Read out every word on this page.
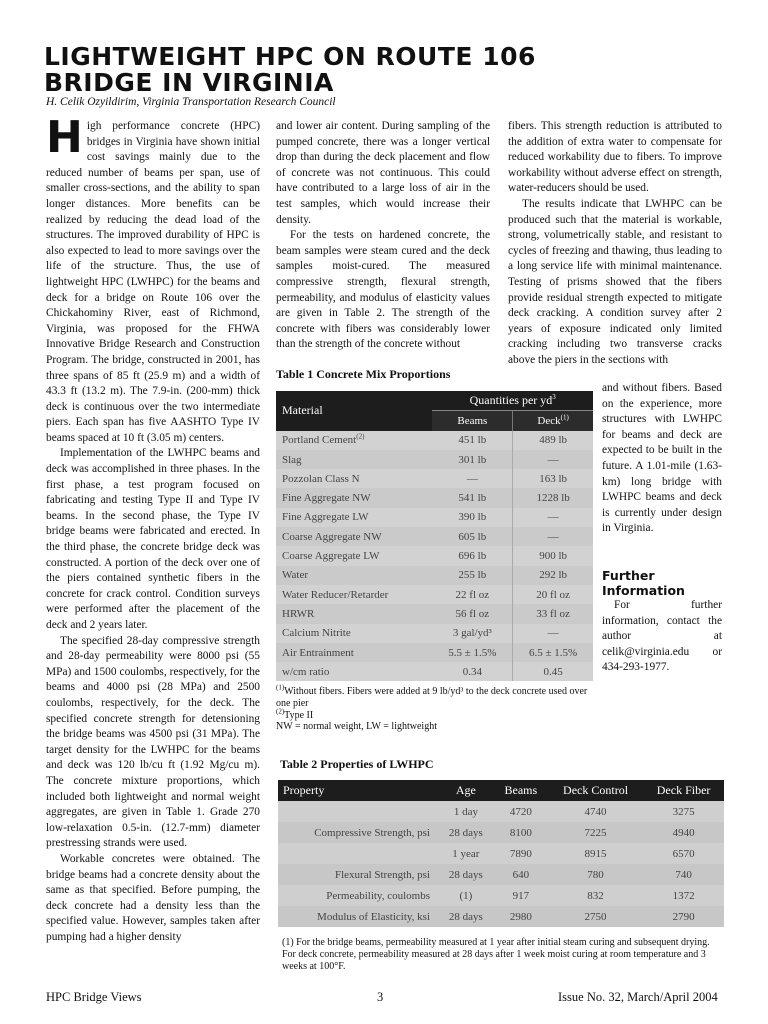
LIGHTWEIGHT HPC ON ROUTE 106
BRIDGE IN VIRGINIA

H. Celik Ozyildirim, Virginia Transportation Research Council

High performance concrete (HPC) bridges in Virginia have shown initial cost savings mainly due to the reduced number of beams per span, use of smaller cross-sections, and the ability to span longer distances. More benefits can be realized by reducing the dead load of the structures. The improved durability of HPC is also expected to lead to more savings over the life of the structure. Thus, the use of lightweight HPC (LWHPC) for the beams and deck for a bridge on Route 106 over the Chickahominy River, east of Richmond, Virginia, was proposed for the FHWA Innovative Bridge Research and Construction Program. The bridge, constructed in 2001, has three spans of 85 ft (25.9 m) and a width of 43.3 ft (13.2 m). The 7.9-in. (200-mm) thick deck is continuous over the two intermediate piers. Each span has five AASHTO Type IV beams spaced at 10 ft (3.05 m) centers.

Implementation of the LWHPC beams and deck was accomplished in three phases. In the first phase, a test program focused on fabricating and testing Type II and Type IV beams. In the second phase, the Type IV bridge beams were fabricated and erected. In the third phase, the concrete bridge deck was constructed. A portion of the deck over one of the piers contained synthetic fibers in the concrete for crack control. Condition surveys were performed after the placement of the deck and 2 years later.

The specified 28-day compressive strength and 28-day permeability were 8000 psi (55 MPa) and 1500 coulombs, respectively, for the beams and 4000 psi (28 MPa) and 2500 coulombs, respectively, for the deck. The specified concrete strength for detensioning the bridge beams was 4500 psi (31 MPa). The target density for the LWHPC for the beams and deck was 120 lb/cu ft (1.92 Mg/cu m). The concrete mixture proportions, which included both lightweight and normal weight aggregates, are given in Table 1. Grade 270 low-relaxation 0.5-in. (12.7-mm) diameter prestressing strands were used.

Workable concretes were obtained. The bridge beams had a concrete density about the same as that specified. Before pumping, the deck concrete had a density less than the specified value. However, samples taken after pumping had a higher density

and lower air content. During sampling of the pumped concrete, there was a longer vertical drop than during the deck placement and flow of concrete was not continuous. This could have contributed to a large loss of air in the test samples, which would increase their density.

For the tests on hardened concrete, the beam samples were steam cured and the deck samples moist-cured. The measured compressive strength, flexural strength, permeability, and modulus of elasticity values are given in Table 2. The strength of the concrete with fibers was considerably lower than the strength of the concrete without

fibers. This strength reduction is attributed to the addition of extra water to compensate for reduced workability due to fibers. To improve workability without adverse effect on strength, water-reducers should be used.

The results indicate that LWHPC can be produced such that the material is workable, strong, volumetrically stable, and resistant to cycles of freezing and thawing, thus leading to a long service life with minimal maintenance. Testing of prisms showed that the fibers provide residual strength expected to mitigate deck cracking. A condition survey after 2 years of exposure indicated only limited cracking including two transverse cracks above the piers in the sections with

and without fibers. Based on the experience, more structures with LWHPC for beams and deck are expected to be built in the future. A 1.01-mile (1.63-km) long bridge with LWHPC beams and deck is currently under design in Virginia.

Further
Information

For further information, contact the author at celik@virginia.edu or 434-293-1977.

Table 1 Concrete Mix Proportions

Material	Quantities per $yd^3$
	Beams	Deck$^{(1)}$
Portland Cement$^{(2)}$	451 lb	489 lb
Slag	301 lb	—
Pozzolan Class N	—	163 lb
Fine Aggregate NW	541 lb	1228 lb
Fine Aggregate LW	390 lb	—
Coarse Aggregate NW	605 lb	—
Coarse Aggregate LW	696 lb	900 lb
Water	255 lb	292 lb
Water Reducer/Retarder	22 fl oz	20 fl oz
HRWR	56 fl oz	33 fl oz
Calcium Nitrite	3 gal/yd³	—
Air Entrainment	5.5 ± 1.5%	6.5 ± 1.5%
w/cm ratio	0.34	0.45

$^{(1)}$Without fibers. Fibers were added at 9 lb/yd³ to the deck concrete used over one pier

$^{(2)}$Type II

NW = normal weight, LW = lightweight

Table 2 Properties of LWHPC

Property	Age	Beams	Deck Control	Deck Fiber
	1 day	4720	4740	3275
Compressive Strength, psi	28 days	8100	7225	4940
	1 year	7890	8915	6570
Flexural Strength, psi	28 days	640	780	740
Permeability, coulombs	(1)	917	832	1372
Modulus of Elasticity, ksi	28 days	2980	2750	2790

(1) For the bridge beams, permeability measured at 1 year after initial steam curing and subsequent drying. For deck concrete, permeability measured at 28 days after 1 week moist curing at room temperature and 3 weeks at 100°F.

HPC Bridge Views	3	Issue No. 32, March/April 2004
